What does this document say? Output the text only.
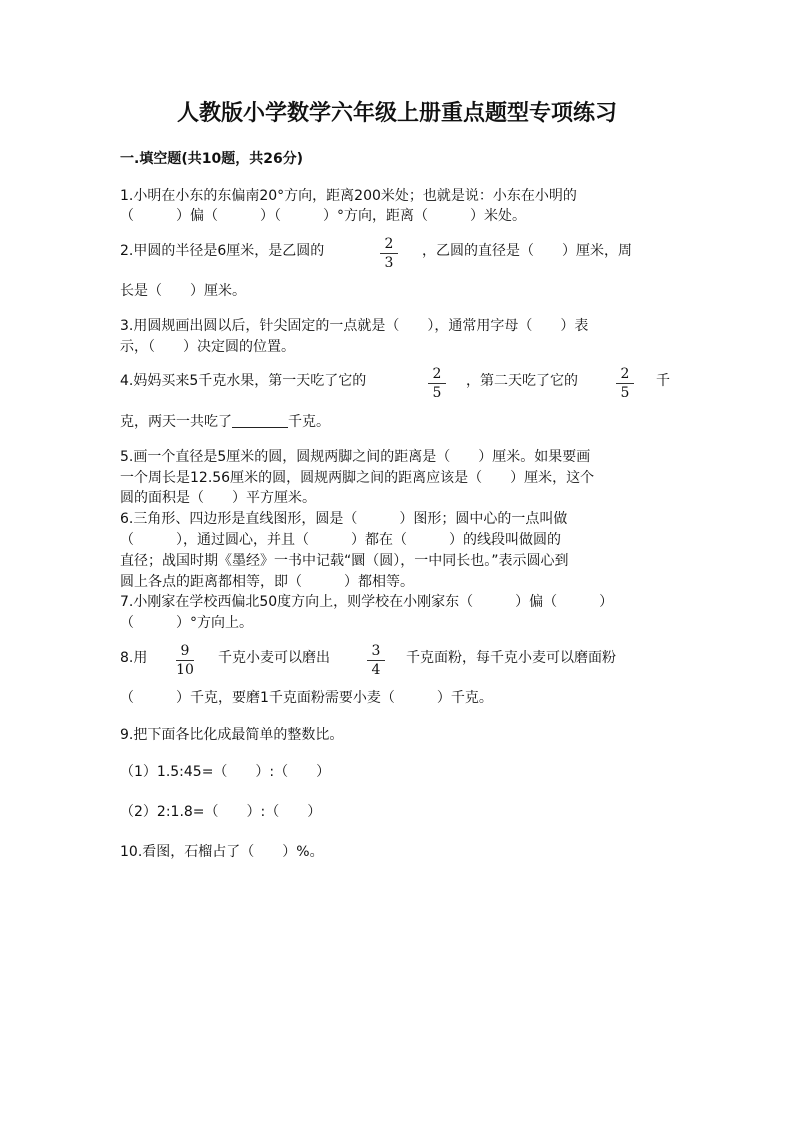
人教版小学数学六年级上册重点题型专项练习
一.填空题(共10题，共26分)
1.小明在小东的东偏南20°方向，距离200米处；也就是说：小东在小明的
（　　　）偏（　　　）（　　　）°方向，距离（　　　）米处。
2.甲圆的半径是6厘米，是乙圆的	2
3
，乙圆的直径是（　　）厘米，周
长是（　　）厘米。
3.用圆规画出圆以后，针尖固定的一点就是（　　），通常用字母（　　）表
示，（　　）决定圆的位置。
4.妈妈买来5千克水果，第一天吃了它的	2
5
，第二天吃了它的	2
5
千
克，两天一共吃了	千克。
5.画一个直径是5厘米的圆，圆规两脚之间的距离是（　　）厘米。如果要画
一个周长是12.56厘米的圆，圆规两脚之间的距离应该是（　　）厘米，这个
圆的面积是（　　）平方厘米。
6.三角形、四边形是直线图形，圆是（　　　）图形；圆中心的一点叫做
（　　　），通过圆心，并且（　　　）都在（　　　）的线段叫做圆的
直径；战国时期《墨经》一书中记载“圜（圆），一中同长也。”表示圆心到
圆上各点的距离都相等，即（　　　）都相等。
7.小刚家在学校西偏北50度方向上，则学校在小刚家东（　　　）偏（　　　）
（　　　）°方向上。
8.用	9
10
千克小麦可以磨出	3
4
千克面粉，每千克小麦可以磨面粉
（　　　）千克，要磨1千克面粉需要小麦（　　　）千克。
9.把下面各比化成最简单的整数比。
（1）1.5:45=（　　）:（　　）
（2）2:1.8=（　　）:（　　）
10.看图，石榴占了（　　）%。
